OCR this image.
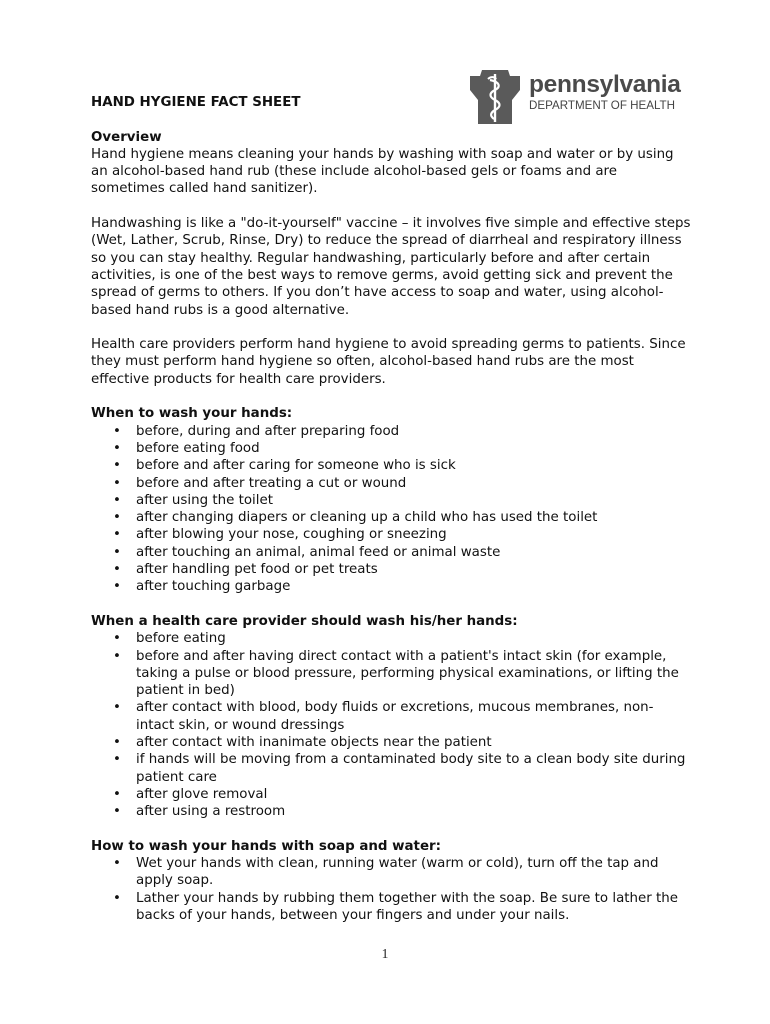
pennsylvania
DEPARTMENT OF HEALTH
HAND HYGIENE FACT SHEET
Overview

Hand hygiene means cleaning your hands by washing with soap and water or by using an alcohol-based hand rub (these include alcohol-based gels or foams and are sometimes called hand sanitizer).

Handwashing is like a "do-it-yourself" vaccine – it involves five simple and effective steps (Wet, Lather, Scrub, Rinse, Dry) to reduce the spread of diarrheal and respiratory illness so you can stay healthy. Regular handwashing, particularly before and after certain activities, is one of the best ways to remove germs, avoid getting sick and prevent the spread of germs to others. If you don’t have access to soap and water, using alcohol-based hand rubs is a good alternative.

Health care providers perform hand hygiene to avoid spreading germs to patients. Since they must perform hand hygiene so often, alcohol-based hand rubs are the most effective products for health care providers.

When to wash your hands:
• before, during and after preparing food
• before eating food
• before and after caring for someone who is sick
• before and after treating a cut or wound
• after using the toilet
• after changing diapers or cleaning up a child who has used the toilet
• after blowing your nose, coughing or sneezing
• after touching an animal, animal feed or animal waste
• after handling pet food or pet treats
• after touching garbage
When a health care provider should wash his/her hands:
• before eating
• before and after having direct contact with a patient's intact skin (for example, taking a pulse or blood pressure, performing physical examinations, or lifting the patient in bed)
• after contact with blood, body fluids or excretions, mucous membranes, non-intact skin, or wound dressings
• after contact with inanimate objects near the patient
• if hands will be moving from a contaminated body site to a clean body site during patient care
• after glove removal
• after using a restroom
How to wash your hands with soap and water:
• Wet your hands with clean, running water (warm or cold), turn off the tap and apply soap.
• Lather your hands by rubbing them together with the soap. Be sure to lather the backs of your hands, between your fingers and under your nails.
1
